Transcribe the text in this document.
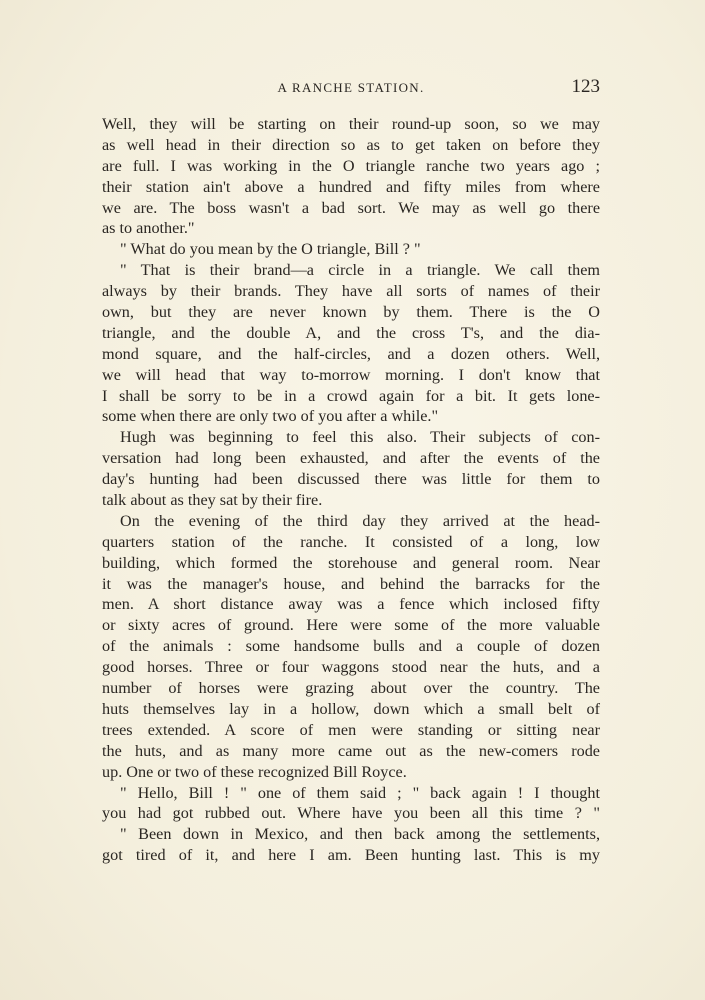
A RANCHE STATION.	123
Well, they will be starting on their round-up soon, so we may
as well head in their direction so as to get taken on before they
are full. I was working in the O triangle ranche two years ago ;
their station ain't above a hundred and fifty miles from where
we are. The boss wasn't a bad sort. We may as well go there
as to another."
" What do you mean by the O triangle, Bill ? "
" That is their brand—a circle in a triangle. We call them
always by their brands. They have all sorts of names of their
own, but they are never known by them. There is the O
triangle, and the double A, and the cross T's, and the dia-
mond square, and the half-circles, and a dozen others. Well,
we will head that way to-morrow morning. I don't know that
I shall be sorry to be in a crowd again for a bit. It gets lone-
some when there are only two of you after a while."
Hugh was beginning to feel this also. Their subjects of con-
versation had long been exhausted, and after the events of the
day's hunting had been discussed there was little for them to
talk about as they sat by their fire.
On the evening of the third day they arrived at the head-
quarters station of the ranche. It consisted of a long, low
building, which formed the storehouse and general room. Near
it was the manager's house, and behind the barracks for the
men. A short distance away was a fence which inclosed fifty
or sixty acres of ground. Here were some of the more valuable
of the animals : some handsome bulls and a couple of dozen
good horses. Three or four waggons stood near the huts, and a
number of horses were grazing about over the country. The
huts themselves lay in a hollow, down which a small belt of
trees extended. A score of men were standing or sitting near
the huts, and as many more came out as the new-comers rode
up. One or two of these recognized Bill Royce.
" Hello, Bill ! " one of them said ; " back again ! I thought
you had got rubbed out. Where have you been all this time ? "
" Been down in Mexico, and then back among the settlements,
got tired of it, and here I am. Been hunting last. This is my
